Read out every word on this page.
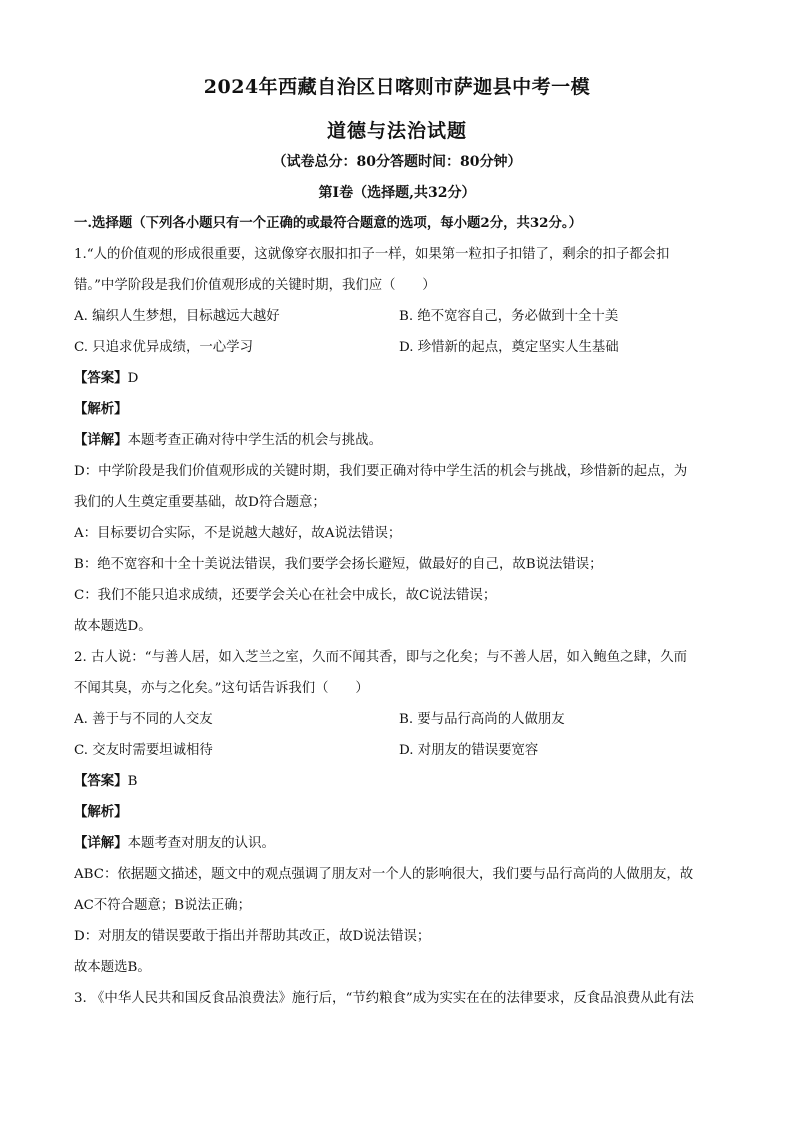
2024年西藏自治区日喀则市萨迦县中考一模
道德与法治试题
（试卷总分：80分答题时间：80分钟）
第Ⅰ卷（选择题,共32分）
一.选择题（下列各小题只有一个正确的或最符合题意的选项，每小题2分，共32分。）
1.“人的价值观的形成很重要，这就像穿衣服扣扣子一样，如果第一粒扣子扣错了，剩余的扣子都会扣
错。”中学阶段是我们价值观形成的关键时期，我们应（　　）
A. 编织人生梦想，目标越远大越好	B. 绝不宽容自己，务必做到十全十美
C. 只追求优异成绩，一心学习	D. 珍惜新的起点，奠定坚实人生基础
【答案】D
【解析】
【详解】本题考查正确对待中学生活的机会与挑战。
D：中学阶段是我们价值观形成的关键时期，我们要正确对待中学生活的机会与挑战，珍惜新的起点，为
我们的人生奠定重要基础，故D符合题意；
A：目标要切合实际，不是说越大越好，故A说法错误；
B：绝不宽容和十全十美说法错误，我们要学会扬长避短，做最好的自己，故B说法错误；
C：我们不能只追求成绩，还要学会关心在社会中成长，故C说法错误；
故本题选D。
2. 古人说：“与善人居，如入芝兰之室，久而不闻其香，即与之化矣；与不善人居，如入鲍鱼之肆，久而
不闻其臭，亦与之化矣。”这句话告诉我们（　　）
A. 善于与不同的人交友	B. 要与品行高尚的人做朋友
C. 交友时需要坦诚相待	D. 对朋友的错误要宽容
【答案】B
【解析】
【详解】本题考查对朋友的认识。
ABC：依据题文描述，题文中的观点强调了朋友对一个人的影响很大，我们要与品行高尚的人做朋友，故
AC不符合题意；B说法正确；
D：对朋友的错误要敢于指出并帮助其改正，故D说法错误；
故本题选B。
3. 《中华人民共和国反食品浪费法》施行后，“节约粮食”成为实实在在的法律要求，反食品浪费从此有法
